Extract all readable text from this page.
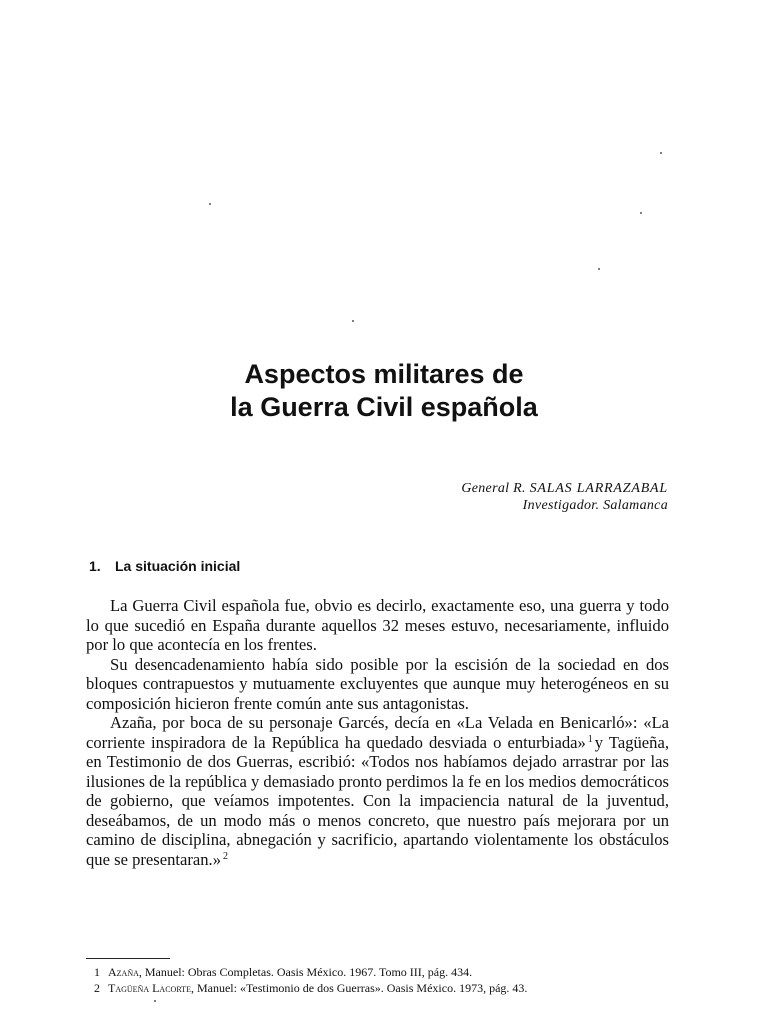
Aspectos militares de
la Guerra Civil española
General R. SALAS LARRAZABAL
Investigador. Salamanca
1. La situación inicial

La Guerra Civil española fue, obvio es decirlo, exactamente eso, una guerra y todo lo que sucedió en España durante aquellos 32 meses estuvo, necesariamente, influido por lo que acontecía en los frentes.

Su desencadenamiento había sido posible por la escisión de la sociedad en dos bloques contrapuestos y mutuamente excluyentes que aunque muy heterogéneos en su composición hicieron frente común ante sus antagonistas.

Azaña, por boca de su personaje Garcés, decía en «La Velada en Benicarló»: «La corriente inspiradora de la República ha quedado desviada o enturbiada» $^1$ y Tagüeña, en Testimonio de dos Guerras, escribió: «Todos nos habíamos dejado arrastrar por las ilusiones de la república y demasiado pronto perdimos la fe en los medios democráticos de gobierno, que veíamos impotentes. Con la impaciencia natural de la juventud, deseábamos, de un modo más o menos concreto, que nuestro país mejorara por un camino de disciplina, abnegación y sacrificio, apartando violentamente los obstáculos que se presentaran.» $^2$

1 Azaña, Manuel: Obras Completas. Oasis México. 1967. Tomo III, pág. 434.
2 Tagüeña Lacorte, Manuel: «Testimonio de dos Guerras». Oasis México. 1973, pág. 43.
